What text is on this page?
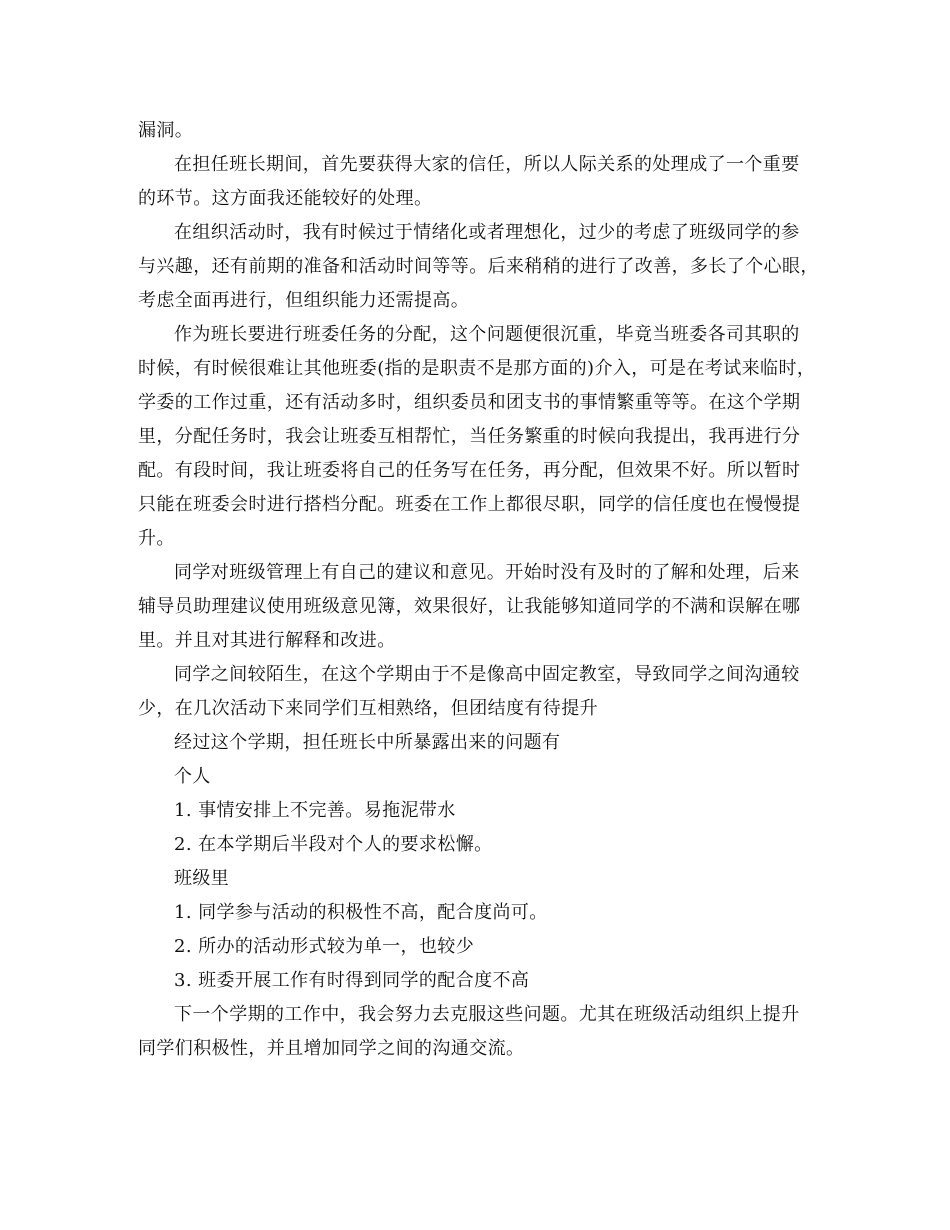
漏洞。
在担任班长期间，首先要获得大家的信任，所以人际关系的处理成了一个重要
的环节。这方面我还能较好的处理。
在组织活动时，我有时候过于情绪化或者理想化，过少的考虑了班级同学的参
与兴趣，还有前期的准备和活动时间等等。后来稍稍的进行了改善，多长了个心眼，
考虑全面再进行，但组织能力还需提高。
作为班长要进行班委任务的分配，这个问题便很沉重，毕竟当班委各司其职的
时候，有时候很难让其他班委(指的是职责不是那方面的)介入，可是在考试来临时，
学委的工作过重，还有活动多时，组织委员和团支书的事情繁重等等。在这个学期
里，分配任务时，我会让班委互相帮忙，当任务繁重的时候向我提出，我再进行分
配。有段时间，我让班委将自己的任务写在任务，再分配，但效果不好。所以暂时
只能在班委会时进行搭档分配。班委在工作上都很尽职，同学的信任度也在慢慢提
升。
同学对班级管理上有自己的建议和意见。开始时没有及时的了解和处理，后来
辅导员助理建议使用班级意见簿，效果很好，让我能够知道同学的不满和误解在哪
里。并且对其进行解释和改进。
同学之间较陌生，在这个学期由于不是像高中固定教室，导致同学之间沟通较
少，在几次活动下来同学们互相熟络，但团结度有待提升
经过这个学期，担任班长中所暴露出来的问题有
个人
1. 事情安排上不完善。易拖泥带水
2. 在本学期后半段对个人的要求松懈。
班级里
1. 同学参与活动的积极性不高，配合度尚可。
2. 所办的活动形式较为单一，也较少
3. 班委开展工作有时得到同学的配合度不高
下一个学期的工作中，我会努力去克服这些问题。尤其在班级活动组织上提升
同学们积极性，并且增加同学之间的沟通交流。
